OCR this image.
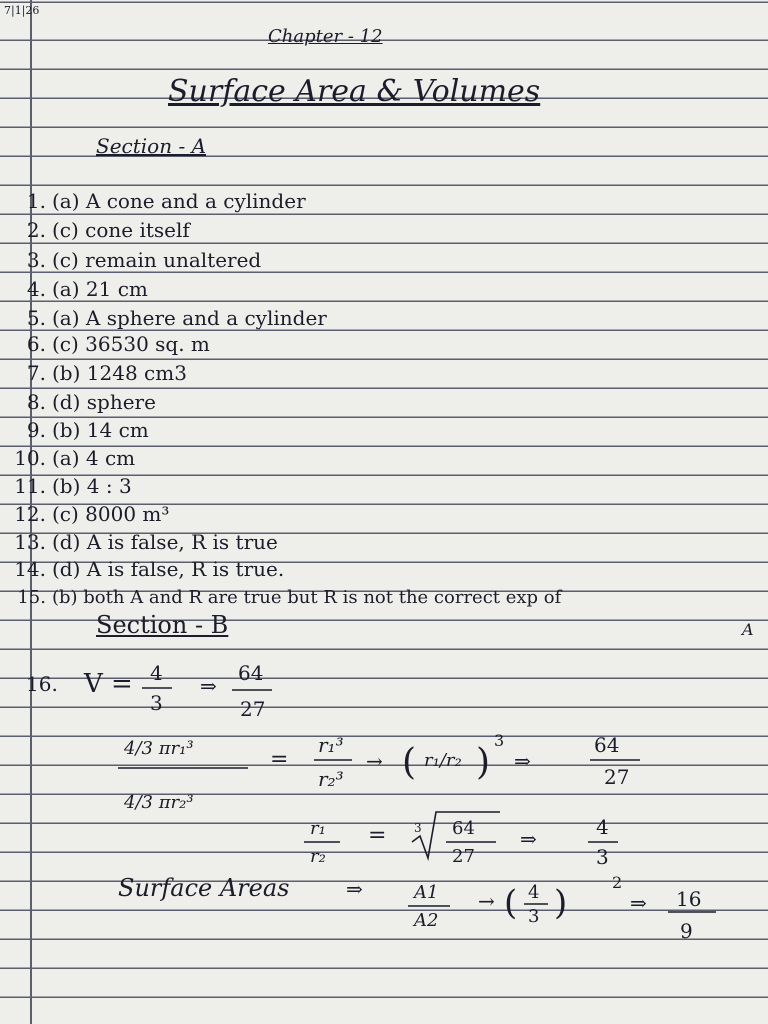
7|1|26
Chapter - 12
Surface Area & Volumes
Section - A
1. (a) A cone and a cylinder
2. (c) cone itself
3. (c) remain unaltered
4. (a) 21 cm
5. (a) A sphere and a cylinder
6. (c) 36530 sq. m
7. (b) 1248 cm3
8. (d) sphere
9. (b) 14 cm
10. (a) 4 cm
11. (b) 4 : 3
12. (c) 8000 m³
13. (d) A is false, R is true
14. (d) A is false, R is true.
15. (b) both A and R are true but R is not the correct exp of
A
Section - B
16. V = 4
3
⇒
64
27
4/3 πr₁³
4/3 πr₂³
=
r₁³
r₂³
→ ( r₁/r₂ )
3
⇒
64
27
r₁
r₂
= 3 64
27
⇒	4
3
Surface Areas	⇒	A1
A2
→ ( 4
3 )
2
⇒ 16
9
